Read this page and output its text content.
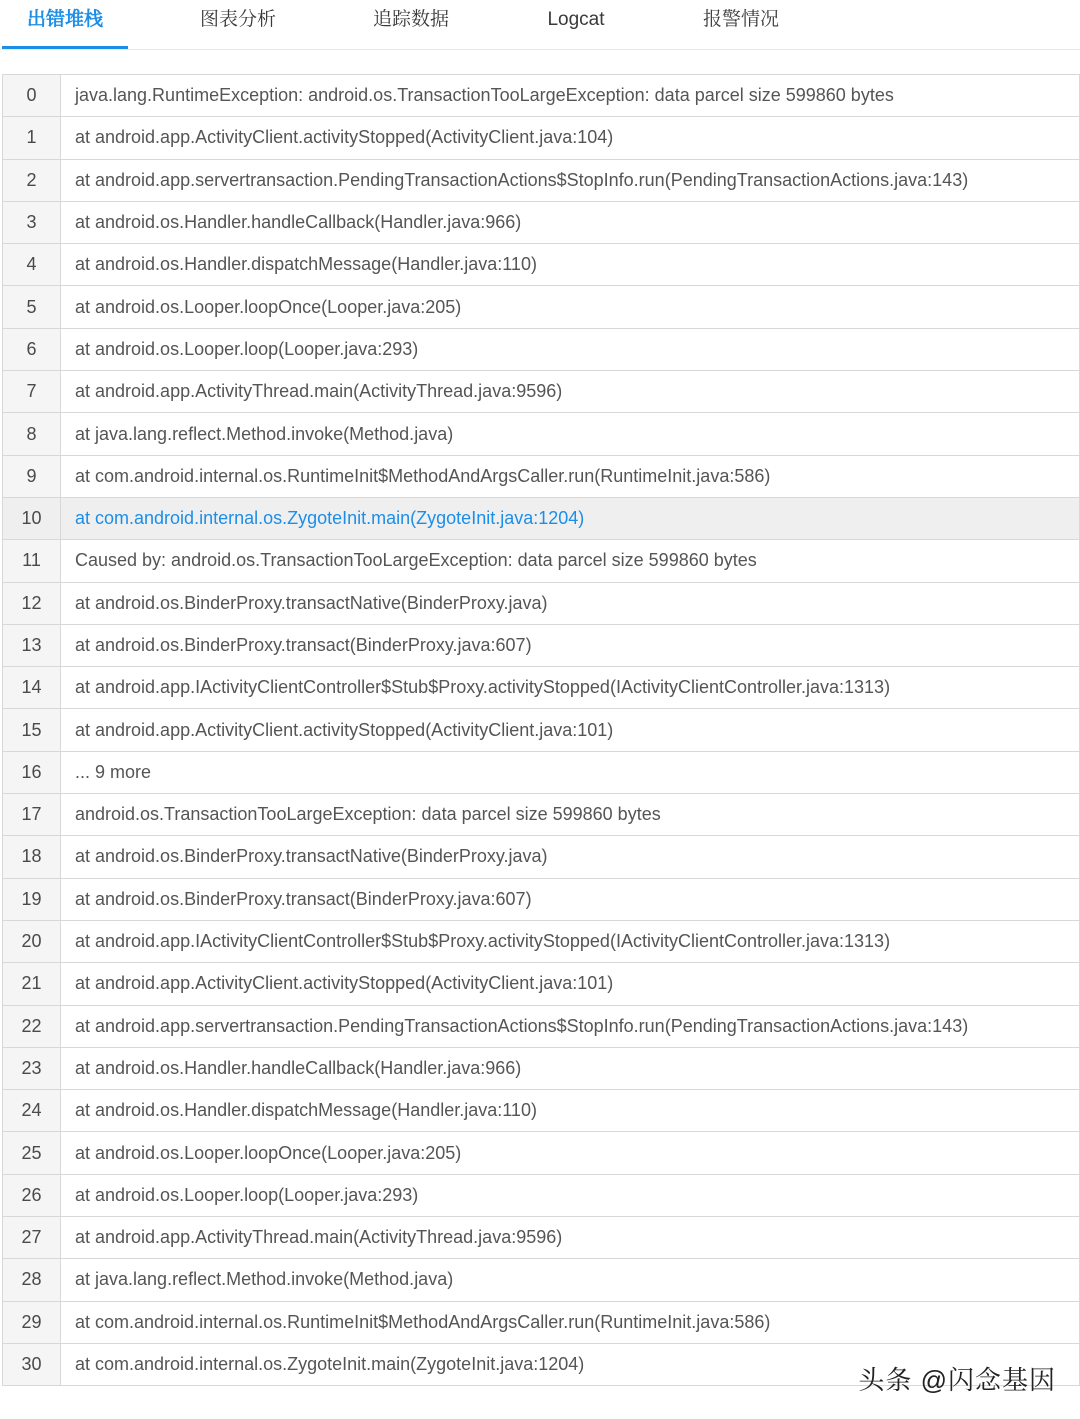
出错堆栈	图表分析	追踪数据	Logcat	报警情况
0	java.lang.RuntimeException: android.os.TransactionTooLargeException: data parcel size 599860 bytes
1	at android.app.ActivityClient.activityStopped(ActivityClient.java:104)
2	at android.app.servertransaction.PendingTransactionActions$StopInfo.run(PendingTransactionActions.java:143)
3	at android.os.Handler.handleCallback(Handler.java:966)
4	at android.os.Handler.dispatchMessage(Handler.java:110)
5	at android.os.Looper.loopOnce(Looper.java:205)
6	at android.os.Looper.loop(Looper.java:293)
7	at android.app.ActivityThread.main(ActivityThread.java:9596)
8	at java.lang.reflect.Method.invoke(Method.java)
9	at com.android.internal.os.RuntimeInit$MethodAndArgsCaller.run(RuntimeInit.java:586)
10	at com.android.internal.os.ZygoteInit.main(ZygoteInit.java:1204)
11	Caused by: android.os.TransactionTooLargeException: data parcel size 599860 bytes
12	at android.os.BinderProxy.transactNative(BinderProxy.java)
13	at android.os.BinderProxy.transact(BinderProxy.java:607)
14	at android.app.IActivityClientController$Stub$Proxy.activityStopped(IActivityClientController.java:1313)
15	at android.app.ActivityClient.activityStopped(ActivityClient.java:101)
16	... 9 more
17	android.os.TransactionTooLargeException: data parcel size 599860 bytes
18	at android.os.BinderProxy.transactNative(BinderProxy.java)
19	at android.os.BinderProxy.transact(BinderProxy.java:607)
20	at android.app.IActivityClientController$Stub$Proxy.activityStopped(IActivityClientController.java:1313)
21	at android.app.ActivityClient.activityStopped(ActivityClient.java:101)
22	at android.app.servertransaction.PendingTransactionActions$StopInfo.run(PendingTransactionActions.java:143)
23	at android.os.Handler.handleCallback(Handler.java:966)
24	at android.os.Handler.dispatchMessage(Handler.java:110)
25	at android.os.Looper.loopOnce(Looper.java:205)
26	at android.os.Looper.loop(Looper.java:293)
27	at android.app.ActivityThread.main(ActivityThread.java:9596)
28	at java.lang.reflect.Method.invoke(Method.java)
29	at com.android.internal.os.RuntimeInit$MethodAndArgsCaller.run(RuntimeInit.java:586)
30	at com.android.internal.os.ZygoteInit.main(ZygoteInit.java:1204)
头条 @闪念基因
